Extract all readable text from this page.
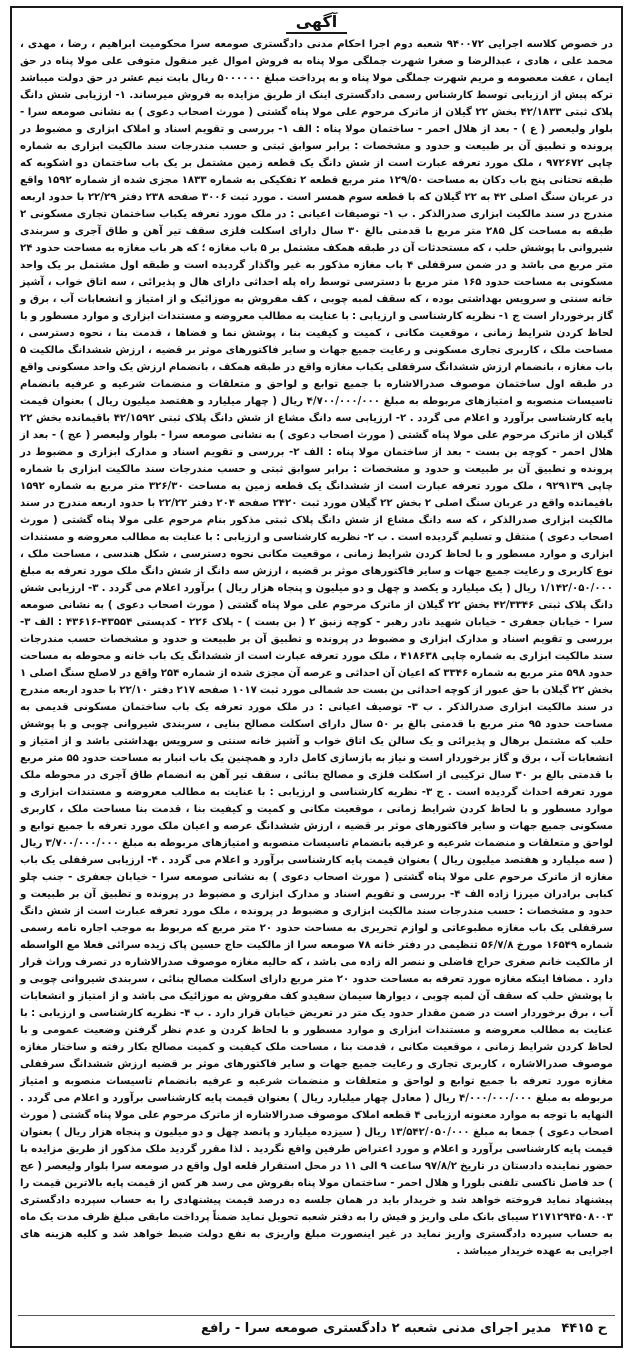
آگهی

در خصوص کلاسه اجرایی ۹۴۰۰۷۲ شعبه دوم اجرا احکام مدنی دادگستری صومعه سرا محکومیت ابراهیم ، رضا ، مهدی ، محمد علی ، هادی ، عبدالرضا و صغرا شهرت جملگی مولا پناه به فروش اموال غیر منقول متوفی علی مولا پناه در حق ایمان ، عفت معصومه و مریم شهرت جملگی مولا پناه و به پرداخت مبلغ ۵۰۰۰۰۰۰ ریال بابت نیم عشر در حق دولت میباشد ترکه پیش از ارزیابی توسط کارشناس رسمی دادگستری اینک از طریق مزایده به فروش میرساند. ۱- ارزیابی شش دانگ پلاک ثبتی ۴۲/۱۸۳۳ بخش ۲۲ گیلان از ماترک مرحوم علی مولا پناه گشتی ( مورث اصحاب دعوی ) به نشانی صومعه سرا - بلوار ولیعصر ( ع ) - بعد از هلال احمر - ساختمان مولا پناه : الف ۱- بررسی و تقویم اسناد و املاک ابزاری و مضبوط در پرونده و تطبیق آن بر طبیعت و حدود و مشخصات : برابر سوابق ثبتی و حسب مندرجات سند مالکیت ابزاری به شماره چاپی ۹۷۲۶۷۲ ، ملک مورد تعرفه عبارت است از شش دانگ یک قطعه زمین مشتمل بر یک باب ساختمان دو اشکوبه که طبقه تحتانی پنج باب دکان به مساحت ۱۲۹/۵۰ متر مربع قطعه ۲ تفکیکی به شماره ۱۸۳۳ مجزی شده از شماره ۱۵۹۲ واقع در عربان سنگ اصلی ۴۲ به ۲۲ گیلان که با قطعه سوم همسر است . مورد ثبت ۳۰۰۶ صفحه ۲۳۸ دفتر ۲۲/۲۹ با حدود اربعه مندرج در سند مالکیت ابزاری صدرالذکر . ب ۱- توصیفات اعیانی : در ملک مورد تعرفه یکباب ساختمان تجاری مسکونی ۲ طبقه به مساحت کل ۲۸۵ متر مربع با قدمتی بالغ ۳۰ سال دارای اسکلت فلزی سقف تیر آهن و طاق آجری و سربندی شیروانی با پوشش حلب ، که مستحدثات آن در طبقه همکف مشتمل بر ۵ باب مغازه ؛ که هر باب مغازه به مساحت حدود ۲۴ متر مربع می باشد و در ضمن سرقفلی ۴ باب مغازه مذکور به غیر واگذار گردیده است و طبقه اول مشتمل بر یک واحد مسکونی به مساحت حدود ۱۶۵ متر مربع با دسترسی توسط راه پله احداثی دارای هال و پذیرائی ، سه اتاق خواب ، آشپز خانه سنتی و سرویس بهداشتی بوده ، که سقف لمبه چوبی ، کف مفروش به موزائیک و از امتیاز و انشعابات آب ، برق و گاز برخوردار است ج ۱- نظریه کارشناسی و ارزیابی : با عنایت به مطالب معروضه و مستندات ابزاری و موارد مسطور و با لحاظ کردن شرایط زمانی ، موقعیت مکانی ، کمیت و کیفیت بنا ، پوشش نما و فضاها ، قدمت بنا ، نحوه دسترسی ، مساحت ملک ، کاربری تجاری مسکونی و رعایت جمیع جهات و سایر فاکتورهای موثر بر قضیه ، ارزش ششدانگ مالکیت ۵ باب مغازه ، بانضمام ارزش ششدانگ سرقفلی یکباب مغازه واقع در طبقه همکف ، بانضمام ارزش یک واحد مسکونی واقع در طبقه اول ساختمان موصوف صدرالاشاره با جمیع توابع و لواحق و متعلقات و منضمات شرعیه و عرفیه بانضمام تاسیسات منصوبه و امتیازهای مربوطه به مبلغ ۴/۷۰۰/۰۰۰/۰۰۰ ریال ( چهار میلیارد و هفتصد میلیون ریال ) بعنوان قیمت پایه کارشناسی برآورد و اعلام می گردد . ۲- ارزیابی سه دانگ مشاع از شش دانگ پلاک ثبتی ۴۲/۱۵۹۲ باقیمانده بخش ۲۲ گیلان از ماترک مرحوم علی مولا پناه گشتی ( مورث اصحاب دعوی ) به نشانی صومعه سرا - بلوار ولیعصر ( عج ) - بعد از هلال احمر - کوچه بن بست - بعد از ساختمان مولا پناه : الف ۲- بررسی و تقویم اسناد و مدارک ابزاری و مضبوط در پرونده و تطبیق آن بر طبیعت و حدود و مشخصات : برابر سوابق ثبتی و حسب مندرجات سند مالکیت ابزاری با شماره چاپی ۹۲۹۱۳۹ ، ملک مورد تعرفه عبارت است از ششدانگ یک قطعه زمین به مساحت ۳۲۶/۳۰ متر مربع به شماره ۱۵۹۲ باقیمانده واقع در عربان سنگ اصلی ۲ بخش ۲۲ گیلان مورد ثبت ۲۴۲۰ صفحه ۲۰۴ دفتر ۲۲/۲۲ با حدود اربعه مندرج در سند مالکیت ابزاری صدرالذکر ، که سه دانگ مشاع از شش دانگ پلاک ثبتی مذکور بنام مرحوم علی مولا پناه گشتی ( مورث اصحاب دعوی ) منتقل و تسلیم گردیده است . ب ۲- نظریه کارشناسی و ارزیابی : با عنایت به مطالب معروضه و مستندات ابزاری و موارد مسطور و با لحاظ کردن شرایط زمانی ، موقعیت مکانی نحوه دسترسی ، شکل هندسی ، مساحت ملک ، نوع کاربری و رعایت جمیع جهات و سایر فاکتورهای موثر بر قضیه ، ارزش سه دانگ از شش دانگ ملک مورد تعرفه به مبلغ ۱/۱۴۲/۰۵۰/۰۰۰ ریال ( یک میلیارد و یکصد و چهل و دو میلیون و پنجاه هزار ریال ) برآورد اعلام می گردد . ۳- ارزیابی شش دانگ پلاک ثبتی ۴۲/۳۳۴۶ بخش ۲۲ گیلان از ماترک مرحوم علی مولا پناه گشتی ( مورث اصحاب دعوی ) به نشانی صومعه سرا - خیابان جعفری - خیابان شهید نادر رهبر - کوچه زنبق ۲ ( بن بست ) - پلاک ۲۲۶ - کدپستی ۴۳۵۵۴-۴۳۶۱۶ : الف ۳- بررسی و تقویم اسناد و مدارک ابزاری و مضبوط در پرونده و تطبیق آن بر طبیعت و حدود و مشخصات حسب مندرجات سند مالکیت ابزاری به شماره چاپی ۴۱۸۶۳۸ ، ملک مورد تعرفه عبارت است از ششدانگ یک باب خانه و محوطه به مساحت حدود ۵۹۸ متر مربع به شماره ۳۳۴۶ که اعیان آن احداثی و عرصه آن مجزی شده از شماره ۲۵۴ واقع در لاصلح سنگ اصلی ۱ بخش ۲۲ گیلان با حق عبور از کوچه احداثی بن بست حد شمالی مورد ثبت ۱۰۱۷ صفحه ۲۱۷ دفتر ۲۲/۱۰ با حدود اربعه مندرج در سند مالکیت ابزاری صدرالذکر . ب ۳- توصیف اعیانی : در ملک مورد تعرفه یک باب ساختمان مسکونی قدیمی به مساحت حدود ۹۵ متر مربع با قدمتی بالغ بر ۵۰ سال دارای اسکلت مصالح بنایی ، سربندی شیروانی چوبی و با پوشش حلب که مشتمل برهال و پذیرائی و یک سالن یک اتاق خواب و آشپز خانه سنتی و سرویس بهداشتی باشد و از امتیاز و انشعابات آب ، برق و گاز برخوردار است و نیاز به بازسازی کامل دارد و همچنین یک باب انبار به مساحت حدود ۵۵ متر مربع با قدمتی بالغ بر ۳۰ سال ترکیبی از اسکلت فلزی و مصالح بنائی ، سقف تیر آهن به انضمام طاق آجری در محوطه ملک مورد تعرفه احداث گردیده است . ج ۳- نظریه کارشناسی و ارزیابی : با عنایت به مطالب معروضه و مستندات ابزاری و موارد مسطور و با لحاظ کردن شرایط زمانی ، موقعیت مکانی و کمیت و کیفیت بنا ، قدمت بنا مساحت ملک ، کاربری مسکونی جمیع جهات و سایر فاکتورهای موثر بر قضیه ، ارزش ششدانگ عرصه و اعیان ملک مورد تعرفه با جمیع توابع و لواحق و متعلقات و منضمات شرعیه و عرفیه بانضمام تاسیسات منصوبه و امتیازهای مربوطه به مبلغ ۳/۷۰۰/۰۰۰/۰۰۰ ریال ( سه میلیارد و هفتصد میلیون ریال ) بعنوان قیمت پایه کارشناسی برآورد و اعلام می گردد . ۴- ارزیابی سرقفلی یک باب مغازه از ماترک مرحوم علی مولا پناه گشتی ( مورث اصحاب دعوی ) به نشانی صومعه سرا - خیابان جعفری - جنب چلو کبابی برادران میرزا زاده الف ۴- بررسی و تقویم اسناد و مدارک ابزاری و مضبوط در پرونده و تطبیق آن بر طبیعت و حدود و مشخصات : حسب مندرجات سند مالکیت ابزاری و مضبوط در پرونده ، ملک مورد تعرفه عبارت است از شش دانگ سرقفلی یک باب مغازه مطبوعاتی و لوازم تحریری به مساحت حدود ۲۰ متر مربع که مربوط به موجب اجاره نامه رسمی شماره ۱۶۵۴۹ مورخ ۵۶/۷/۸ تنظیمی در دفتر خانه ۷۸ صومعه سرا از مالکیت حاج حسین پاک زیده سرائی فعلا مع الواسطه از مالکیت خانم صغری حراج فاضلی و ننصر اله زاده می باشد ، که حالیه مغازه موصوف صدرالاشاره در تصرف وراث قرار دارد . مضافا اینکه مغازه مورد تعرفه به مساحت حدود ۲۰ متر مربع دارای اسکلت مصالح بنائی ، سربندی شیروانی چوبی و با پوشش حلب که سقف آن لمبه چوبی ، دیوارها سیمان سفیدو کف مفروش به موزائیک می باشد و از امتیاز و انشعابات آب ، برق برخوردار است در ضمن مقدار حدود یک متر در تعریض خیابان قرار دارد . ب ۴- نظریه کارشناسی و ارزیابی : با عنایت به مطالب معروضه و مستندات ابزاری و موارد مسطور و با لحاظ کردن و عدم نظر گرفتن وضعیت عمومی و با لحاظ کردن شرایط زمانی ، موقعیت مکانی ، قدمت بنا ، مساحت ملک کیفیت و کمیت مصالح بکار رفته و ساختار مغازه موصوف صدرالاشاره ، کاربری تجاری و رعایت جمیع جهات و سایر فاکتورهای موثر بر قضیه ارزش ششدانگ سرقفلی مغازه مورد تعرفه با جمیع توابع و لواحق و متعلقات و منضمات شرعیه و عرفیه بانضمام تاسیسات منصوبه و امتیاز مربوطه به مبلغ ۴/۰۰۰/۰۰۰/۰۰۰ ریال ( معادل چهار میلیارد ریال ) بعنوان قیمت پایه کارشناسی برآورد و اعلام می گردد . النهایه با توجه به موارد معنونه ارزیابی ۴ قطعه املاک موصوف صدرالاشاره از ماترک مرحوم علی مولا پناه گشتی ( مورث اصحاب دعوی ) جمعا به مبلغ ۱۳/۵۴۲/۰۵۰/۰۰۰ ریال ( سیزده میلیارد و پانصد چهل و دو میلیون و پنجاه هزار ریال ) بعنوان قیمت پایه کارشناسی برآورد و اعلام و مورد اعتراض طرفین واقع نگردید . لذا مقرر گردید ملک مذکور از طریق مزایده با حضور نماینده دادستان در تاریخ ۹۷/۸/۲ ساعت ۹ الی ۱۱ در محل استقرار قلعه اول واقع در صومعه سرا بلوار ولیعصر ( عج ) حد فاصل تاکسی تلفنی بلورا و هلال احمر - ساختمان مولا پناه بفروش می رسد هر کس از قیمت پایه بالاترین قیمت را پیشنهاد نماید فروخته خواهد شد و خریدار باید در همان جلسه ده درصد قیمت پیشنهادی را به حساب سپرده دادگستری ۲۱۷۱۲۹۴۵۰۸۰۰۳ سیبای بانک ملی واریز و فیش را به دفتر شعبه تحویل نماید ضمناً پرداخت مابقی مبلغ ظرف مدت یک ماه به حساب سپرده دادگستری واریز نماید در غیر اینصورت مبلغ واریزی به نفع دولت ضبط خواهد شد و کلیه هزینه های اجرایی به عهده خریدار میباشد .

ح ۴۴۱۵
مدیر اجرای مدنی شعبه ۲ دادگستری صومعه سرا - رافع
